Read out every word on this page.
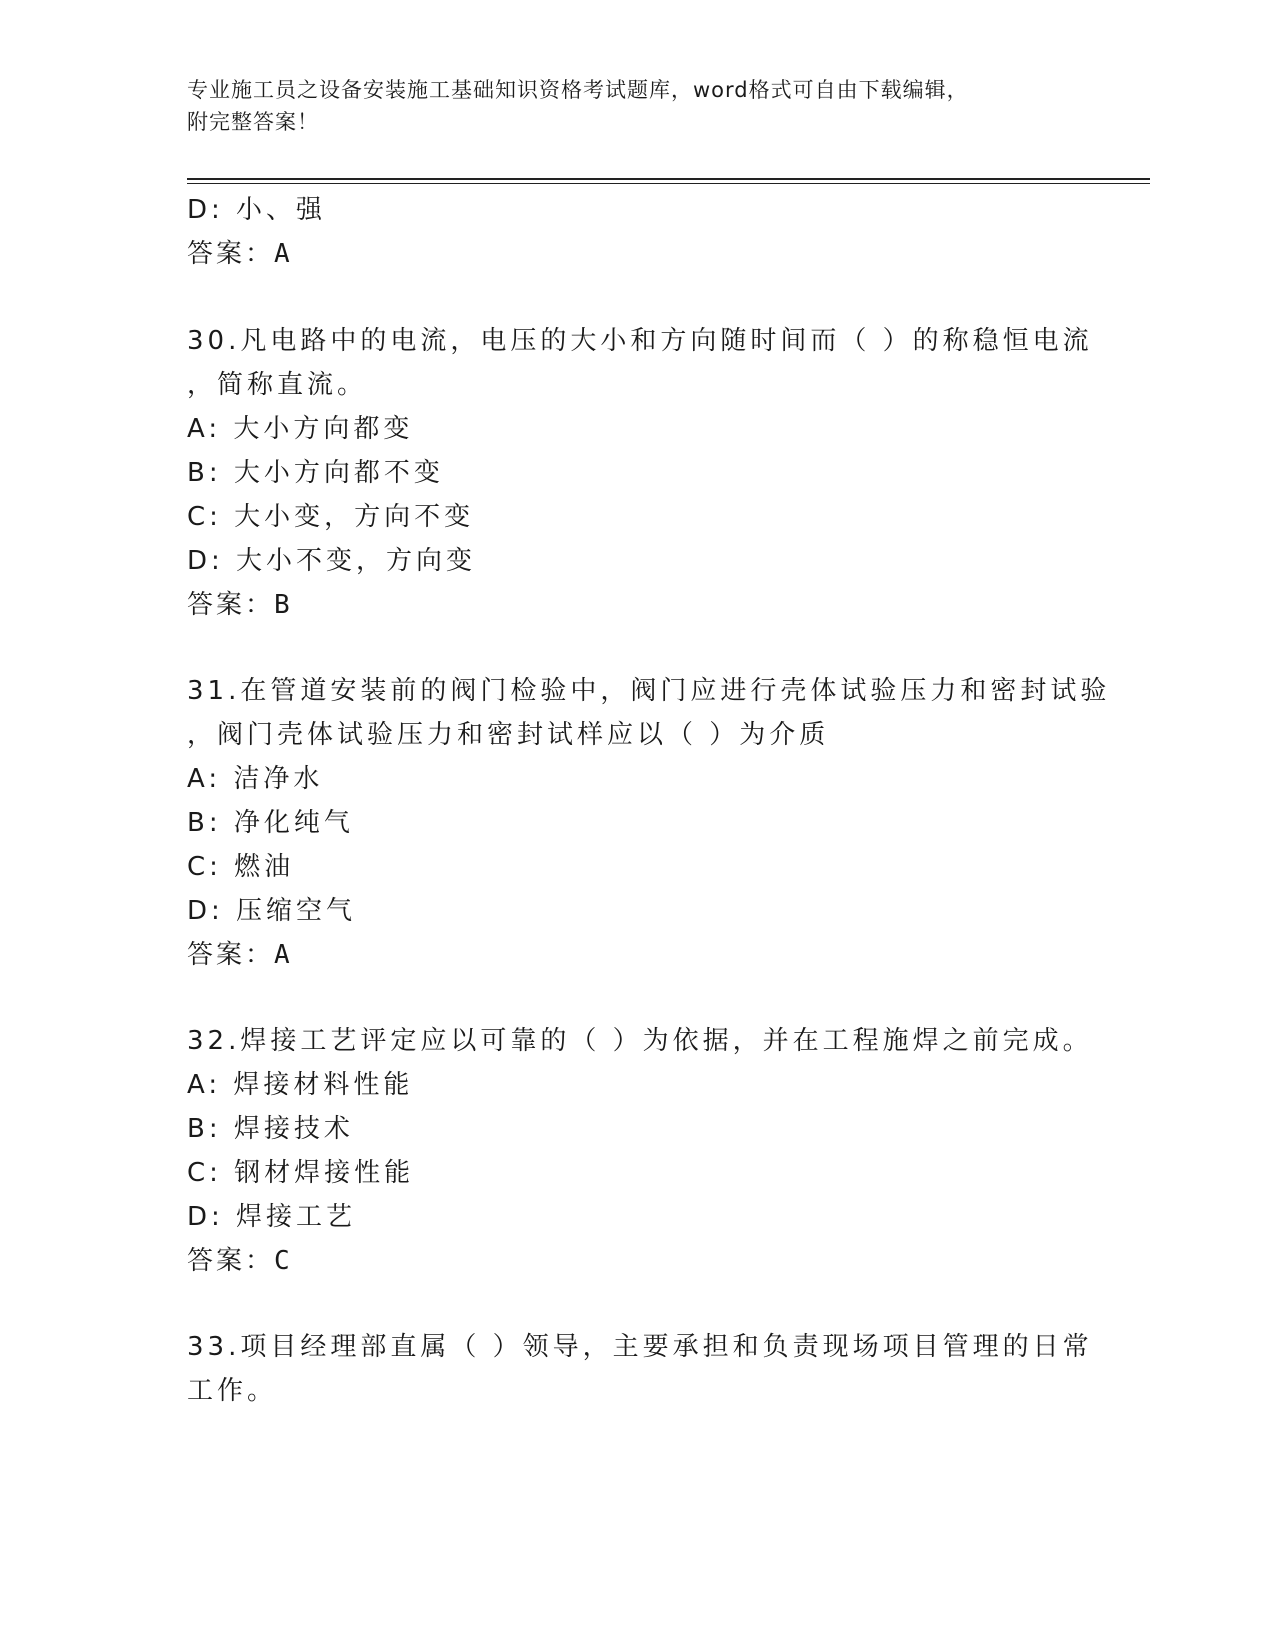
专业施工员之设备安装施工基础知识资格考试题库，word格式可自由下载编辑，
附完整答案！
D: 小、强
答案：A
30.凡电路中的电流，电压的大小和方向随时间而（ ）的称稳恒电流
，简称直流。
A: 大小方向都变
B: 大小方向都不变
C: 大小变，方向不变
D: 大小不变，方向变
答案：B
31.在管道安装前的阀门检验中，阀门应进行壳体试验压力和密封试验
，阀门壳体试验压力和密封试样应以（ ）为介质
A: 洁净水
B: 净化纯气
C: 燃油
D: 压缩空气
答案：A
32.焊接工艺评定应以可靠的（ ）为依据，并在工程施焊之前完成。
A: 焊接材料性能
B: 焊接技术
C: 钢材焊接性能
D: 焊接工艺
答案：C
33.项目经理部直属（ ）领导，主要承担和负责现场项目管理的日常
工作。
